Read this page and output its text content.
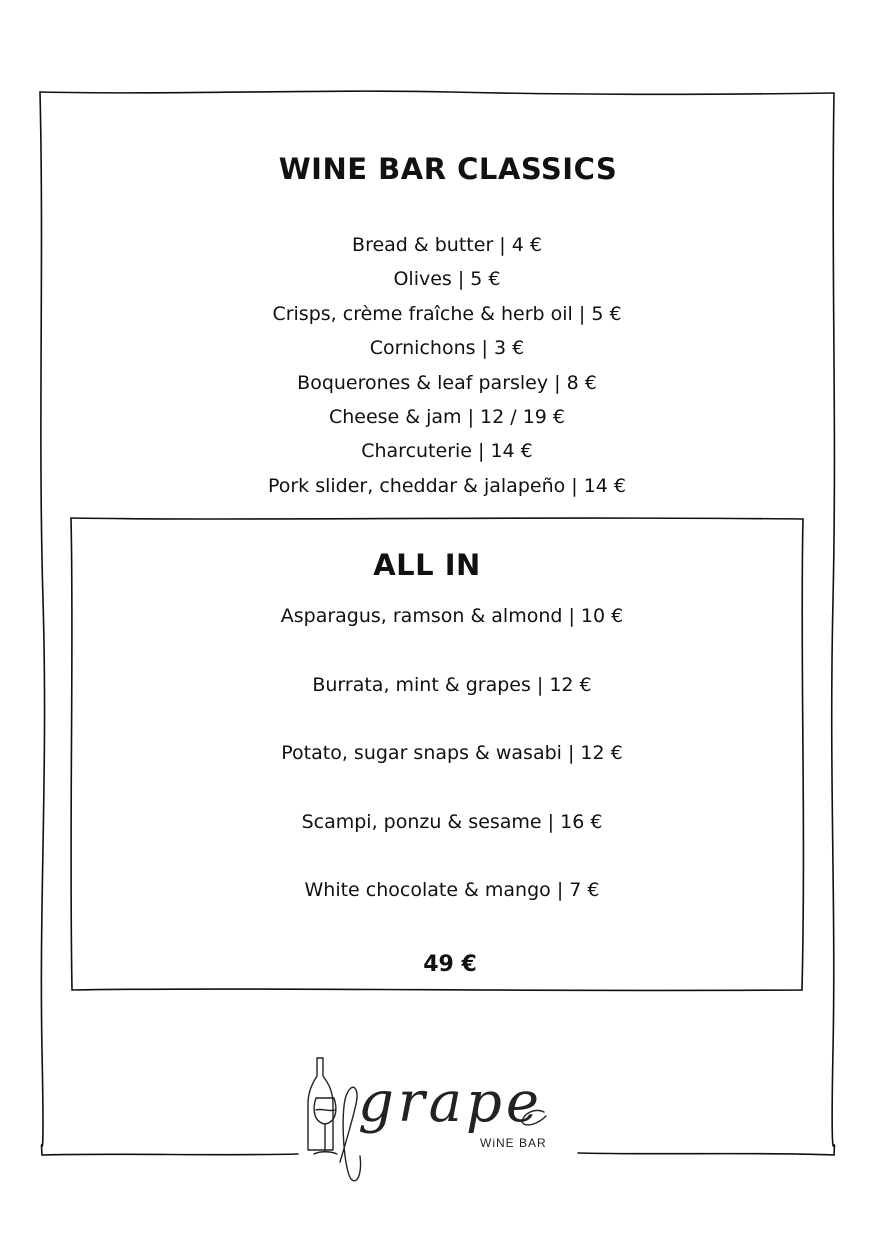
WINE BAR CLASSICS
Bread & butter | 4 €
Olives | 5 €
Crisps, crème fraîche & herb oil | 5 €
Cornichons | 3 €
Boquerones & leaf parsley | 8 €
Cheese & jam | 12 / 19 €
Charcuterie | 14 €
Pork slider, cheddar & jalapeño | 14 €
ALL IN
Asparagus, ramson & almond | 10 €
Burrata, mint & grapes | 12 €
Potato, sugar snaps & wasabi | 12 €
Scampi, ponzu & sesame | 16 €
White chocolate & mango | 7 €
49 €
grape
WiNE BAR
